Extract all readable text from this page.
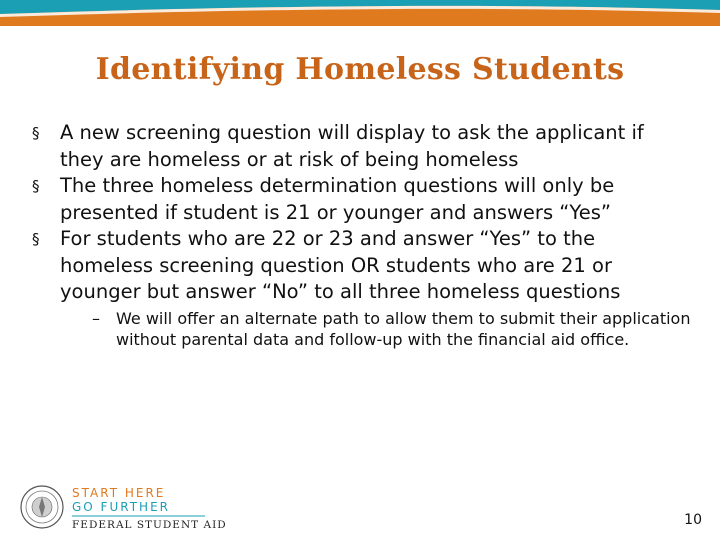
Identifying Homeless Students
§ A new screening question will display to ask the applicant if they are homeless or at risk of being homeless
§ The three homeless determination questions will only be presented if student is 21 or younger and answers “Yes”
§ For students who are 22 or 23 and answer “Yes” to the homeless screening question OR students who are 21 or younger but answer “No” to all three homeless questions
– We will offer an alternate path to allow them to submit their application without parental data and follow-up with the financial aid office.
START HERE
GO FURTHER
FEDERAL STUDENT AID	10
